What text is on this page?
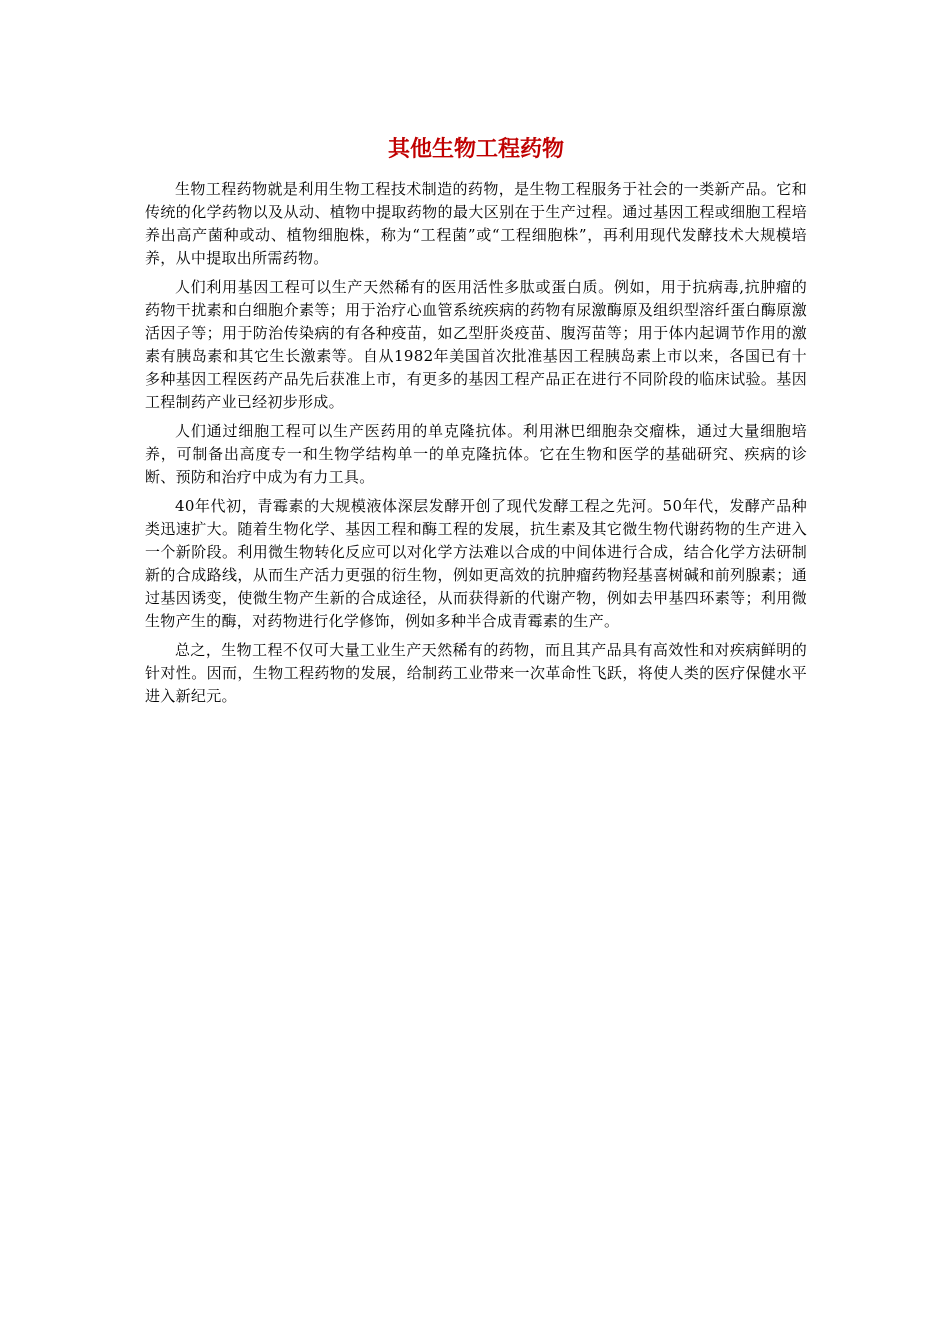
其他生物工程药物

生物工程药物就是利用生物工程技术制造的药物，是生物工程服务于社会的一类新产品。它和传统的化学药物以及从动、植物中提取药物的最大区别在于生产过程。通过基因工程或细胞工程培养出高产菌种或动、植物细胞株，称为“工程菌”或“工程细胞株”，再利用现代发酵技术大规模培养，从中提取出所需药物。

人们利用基因工程可以生产天然稀有的医用活性多肽或蛋白质。例如，用于抗病毒,抗肿瘤的药物干扰素和白细胞介素等；用于治疗心血管系统疾病的药物有尿激酶原及组织型溶纤蛋白酶原激活因子等；用于防治传染病的有各种疫苗，如乙型肝炎疫苗、腹泻苗等；用于体内起调节作用的激素有胰岛素和其它生长激素等。自从1982年美国首次批准基因工程胰岛素上市以来，各国已有十多种基因工程医药产品先后获准上市，有更多的基因工程产品正在进行不同阶段的临床试验。基因工程制药产业已经初步形成。

人们通过细胞工程可以生产医药用的单克隆抗体。利用淋巴细胞杂交瘤株，通过大量细胞培养，可制备出高度专一和生物学结构单一的单克隆抗体。它在生物和医学的基础研究、疾病的诊断、预防和治疗中成为有力工具。

40年代初，青霉素的大规模液体深层发酵开创了现代发酵工程之先河。50年代，发酵产品种类迅速扩大。随着生物化学、基因工程和酶工程的发展，抗生素及其它微生物代谢药物的生产进入一个新阶段。利用微生物转化反应可以对化学方法难以合成的中间体进行合成，结合化学方法研制新的合成路线，从而生产活力更强的衍生物，例如更高效的抗肿瘤药物羟基喜树碱和前列腺素；通过基因诱变，使微生物产生新的合成途径，从而获得新的代谢产物，例如去甲基四环素等；利用微生物产生的酶，对药物进行化学修饰，例如多种半合成青霉素的生产。

总之，生物工程不仅可大量工业生产天然稀有的药物，而且其产品具有高效性和对疾病鲜明的针对性。因而，生物工程药物的发展，给制药工业带来一次革命性飞跃，将使人类的医疗保健水平进入新纪元。
